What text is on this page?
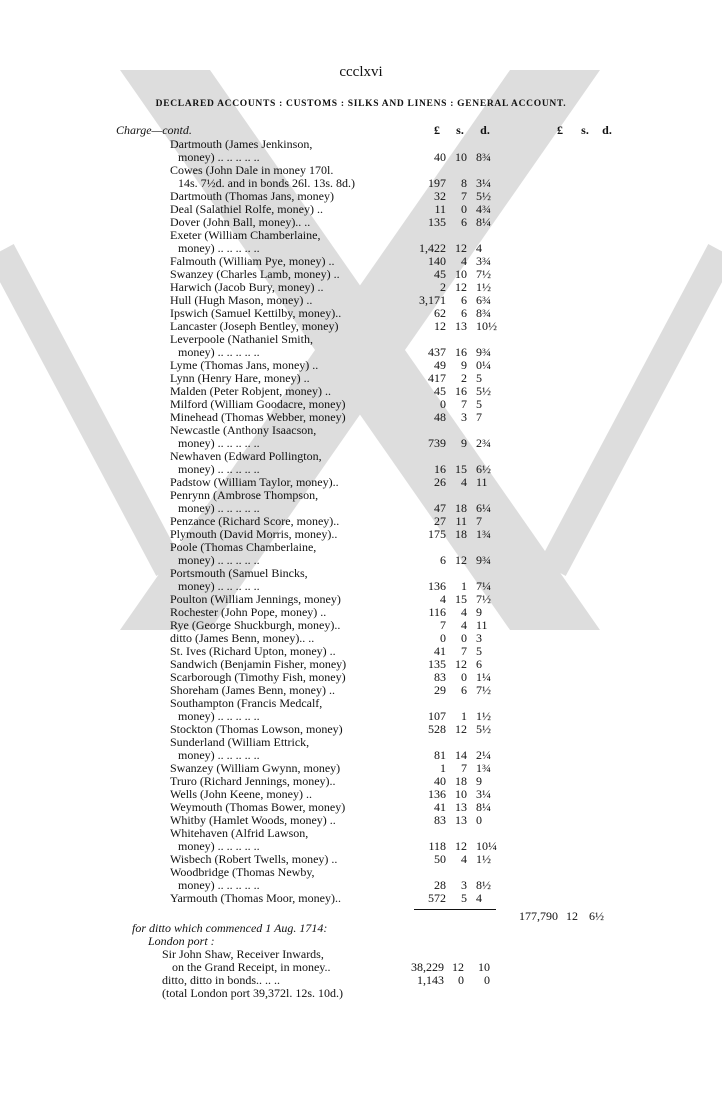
ccclxvi
DECLARED ACCOUNTS : CUSTOMS : SILKS AND LINENS : GENERAL ACCOUNT.
Charge—contd.	£	s.	d.	£	s.	d.
Dartmouth (James Jenkinson,
money) .. .. .. .. ..	40 10 8¾
Cowes (John Dale in money 170l.
14s. 7½d. and in bonds 26l. 13s. 8d.)	197	8 3¼
Dartmouth (Thomas Jans, money)	32	7 5½
Deal (Salathiel Rolfe, money) ..	11	0 4¾
Dover (John Ball, money).. ..	135	6 8¼
Exeter (William Chamberlaine,
money) .. .. .. .. ..	1,422 12 4
Falmouth (William Pye, money) ..	140	4 3¾
Swanzey (Charles Lamb, money) ..	45 10 7½
Harwich (Jacob Bury, money) ..	2 12 1½
Hull (Hugh Mason, money) ..	3,171	6 6¾
Ipswich (Samuel Kettilby, money)..	62	6 8¾
Lancaster (Joseph Bentley, money)	12 13 10½
Leverpoole (Nathaniel Smith,
money) .. .. .. .. ..	437 16 9¾
Lyme (Thomas Jans, money) ..	49	9 0¼
Lynn (Henry Hare, money) ..	417	2 5
Malden (Peter Robjent, money) ..	45 16 5½
Milford (William Goodacre, money)	0	7 5
Minehead (Thomas Webber, money)	48	3 7
Newcastle (Anthony Isaacson,
money) .. .. .. .. ..	739	9 2¾
Newhaven (Edward Pollington,
money) .. .. .. .. ..	16 15 6½
Padstow (William Taylor, money)..	26	4 11
Penrynn (Ambrose Thompson,
money) .. .. .. .. ..	47 18 6¼
Penzance (Richard Score, money)..	27 11 7
Plymouth (David Morris, money)..	175 18 1¾
Poole (Thomas Chamberlaine,
money) .. .. .. .. ..	6 12 9¾
Portsmouth (Samuel Bincks,
money) .. .. .. .. ..	136	1 7¼
Poulton (William Jennings, money)	4 15 7½
Rochester (John Pope, money) ..	116	4 9
Rye (George Shuckburgh, money)..	7	4 11
ditto (James Benn, money).. ..	0	0 3
St. Ives (Richard Upton, money) ..	41	7 5
Sandwich (Benjamin Fisher, money)	135 12 6
Scarborough (Timothy Fish, money)	83	0 1¼
Shoreham (James Benn, money) ..	29	6 7½
Southampton (Francis Medcalf,
money) .. .. .. .. ..	107	1 1½
Stockton (Thomas Lowson, money)	528 12 5½
Sunderland (William Ettrick,
money) .. .. .. .. ..	81 14 2¼
Swanzey (William Gwynn, money)	1	7 1¾
Truro (Richard Jennings, money)..	40 18 9
Wells (John Keene, money) ..	136 10 3¼
Weymouth (Thomas Bower, money)	41 13 8¼
Whitby (Hamlet Woods, money) ..	83 13 0
Whitehaven (Alfrid Lawson,
money) .. .. .. .. ..	118 12 10¼
Wisbech (Robert Twells, money) ..	50	4 1½
Woodbridge (Thomas Newby,
money) .. .. .. .. ..	28	3 8½
Yarmouth (Thomas Moor, money)..	572	5 4
177,790 12 6½
for ditto which commenced 1 Aug. 1714:
London port :
Sir John Shaw, Receiver Inwards,
on the Grand Receipt, in money..	38,229 12	10
ditto, ditto in bonds.. .. ..	1,143	0	0
(total London port 39,372l. 12s. 10d.)
